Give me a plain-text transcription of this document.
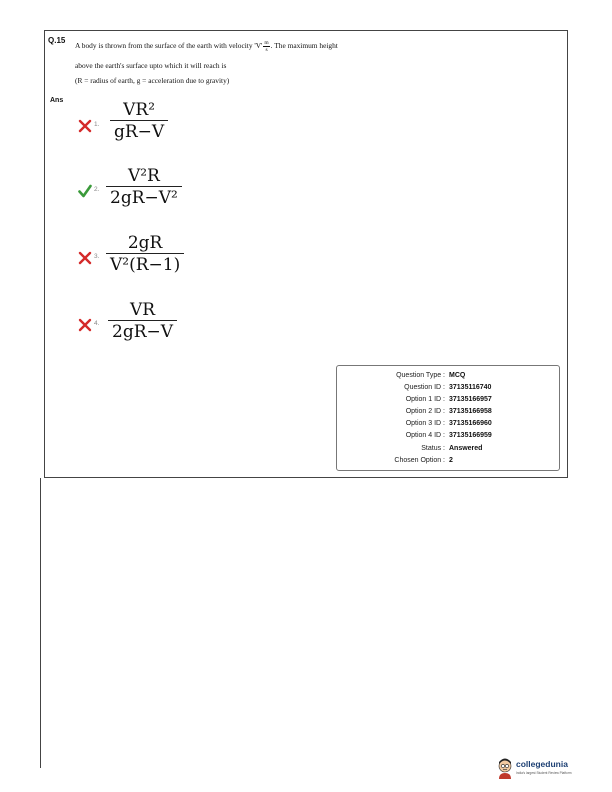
Q.15
A body is thrown from the surface of the earth with velocity '$V' \frac{m}{s}$ . The maximum height
above the earth's surface upto which it will reach is
(R = radius of earth, g = acceleration due to gravity)
Ans
1.
VR²
gR−V
2.
V²R
2gR−V²
3.
2gR
V²(R−1)
4.
VR
2gR−V
Question Type : MCQ
Question ID : 37135116740
Option 1 ID : 37135166957
Option 2 ID : 37135166958
Option 3 ID : 37135166960
Option 4 ID : 37135166959
Status : Answered
Chosen Option : 2
collegedunia
India's largest Student Review Platform
